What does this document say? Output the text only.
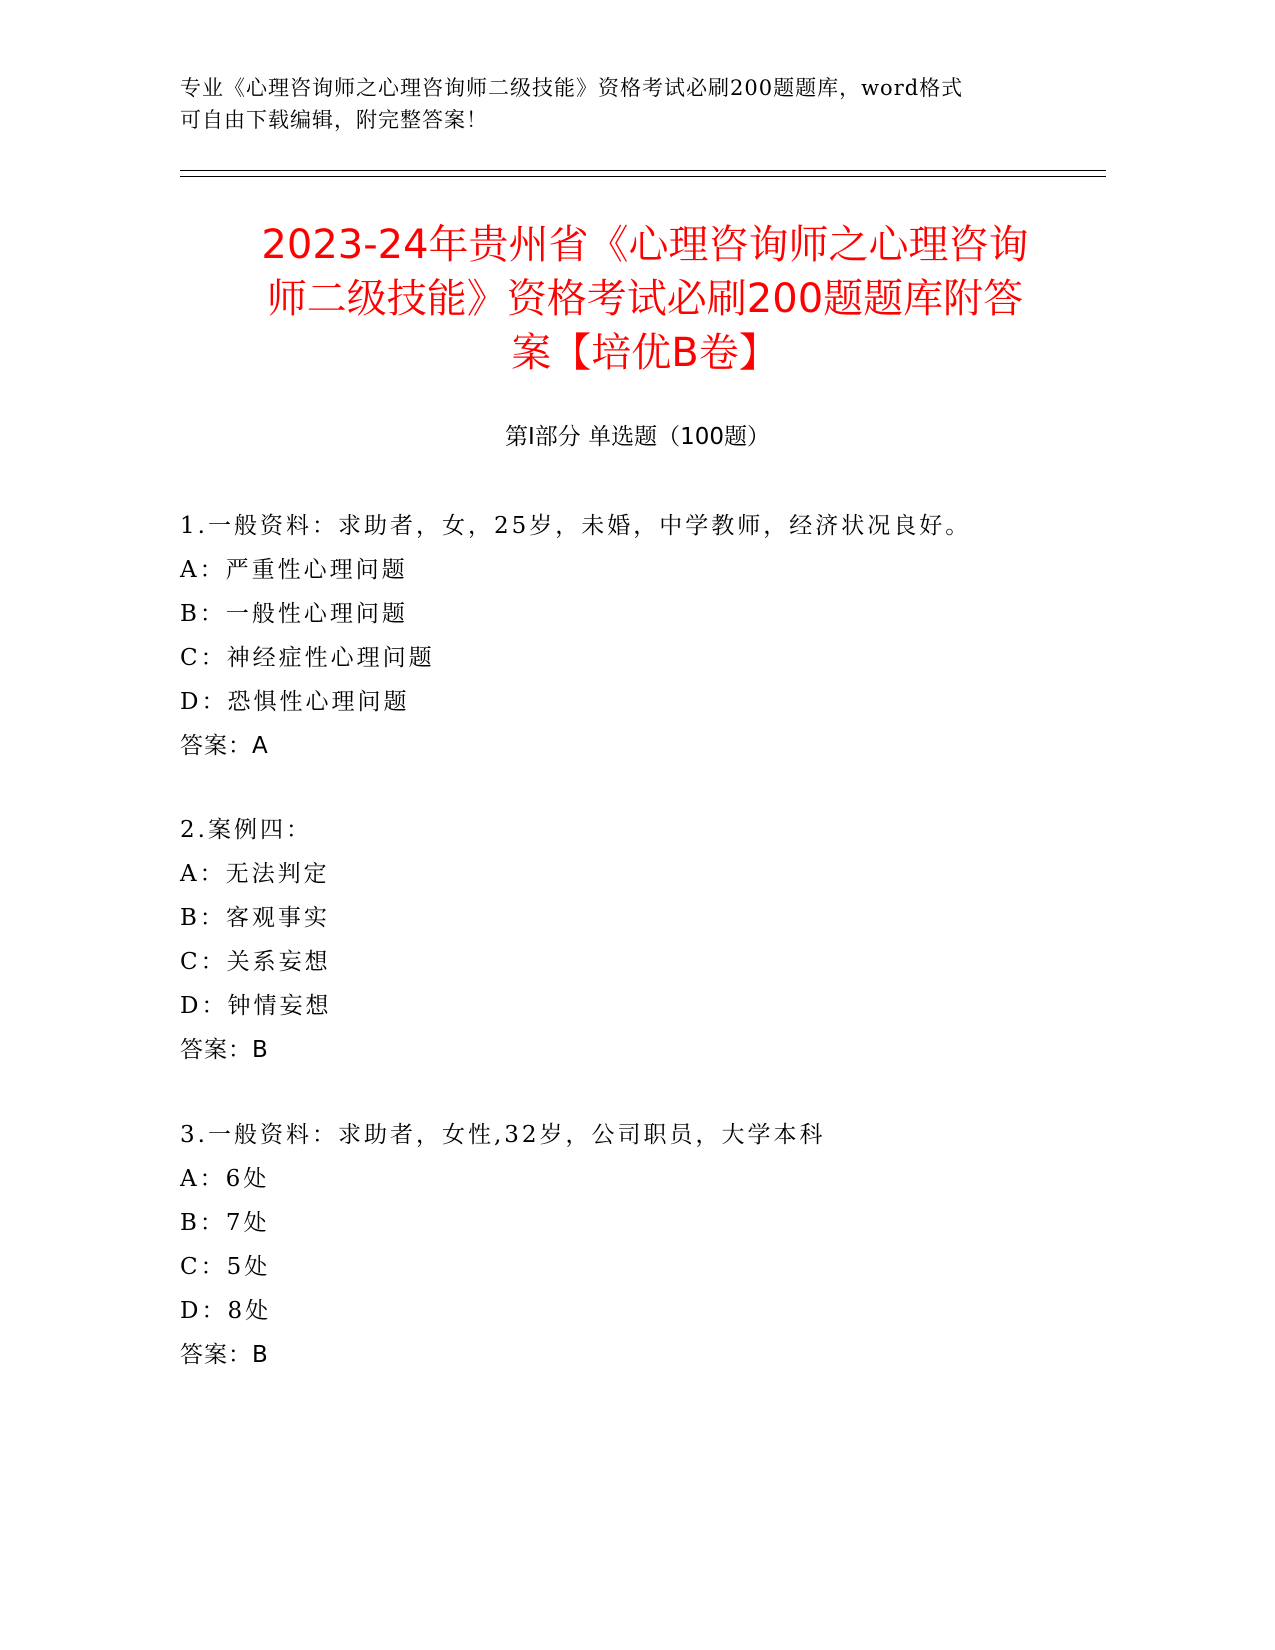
专业《心理咨询师之心理咨询师二级技能》资格考试必刷200题题库，word格式
可自由下载编辑，附完整答案！
2023-24年贵州省《心理咨询师之心理咨询
师二级技能》资格考试必刷200题题库附答
案【培优B卷】
第Ⅰ部分 单选题（100题）
1.一般资料：求助者，女，25岁，未婚，中学教师，经济状况良好。
A：严重性心理问题
B：一般性心理问题
C：神经症性心理问题
D：恐惧性心理问题
答案：A
2.案例四：
A：无法判定
B：客观事实
C：关系妄想
D：钟情妄想
答案：B
3.一般资料：求助者，女性,32岁，公司职员，大学本科
A：6处
B：7处
C：5处
D：8处
答案：B
